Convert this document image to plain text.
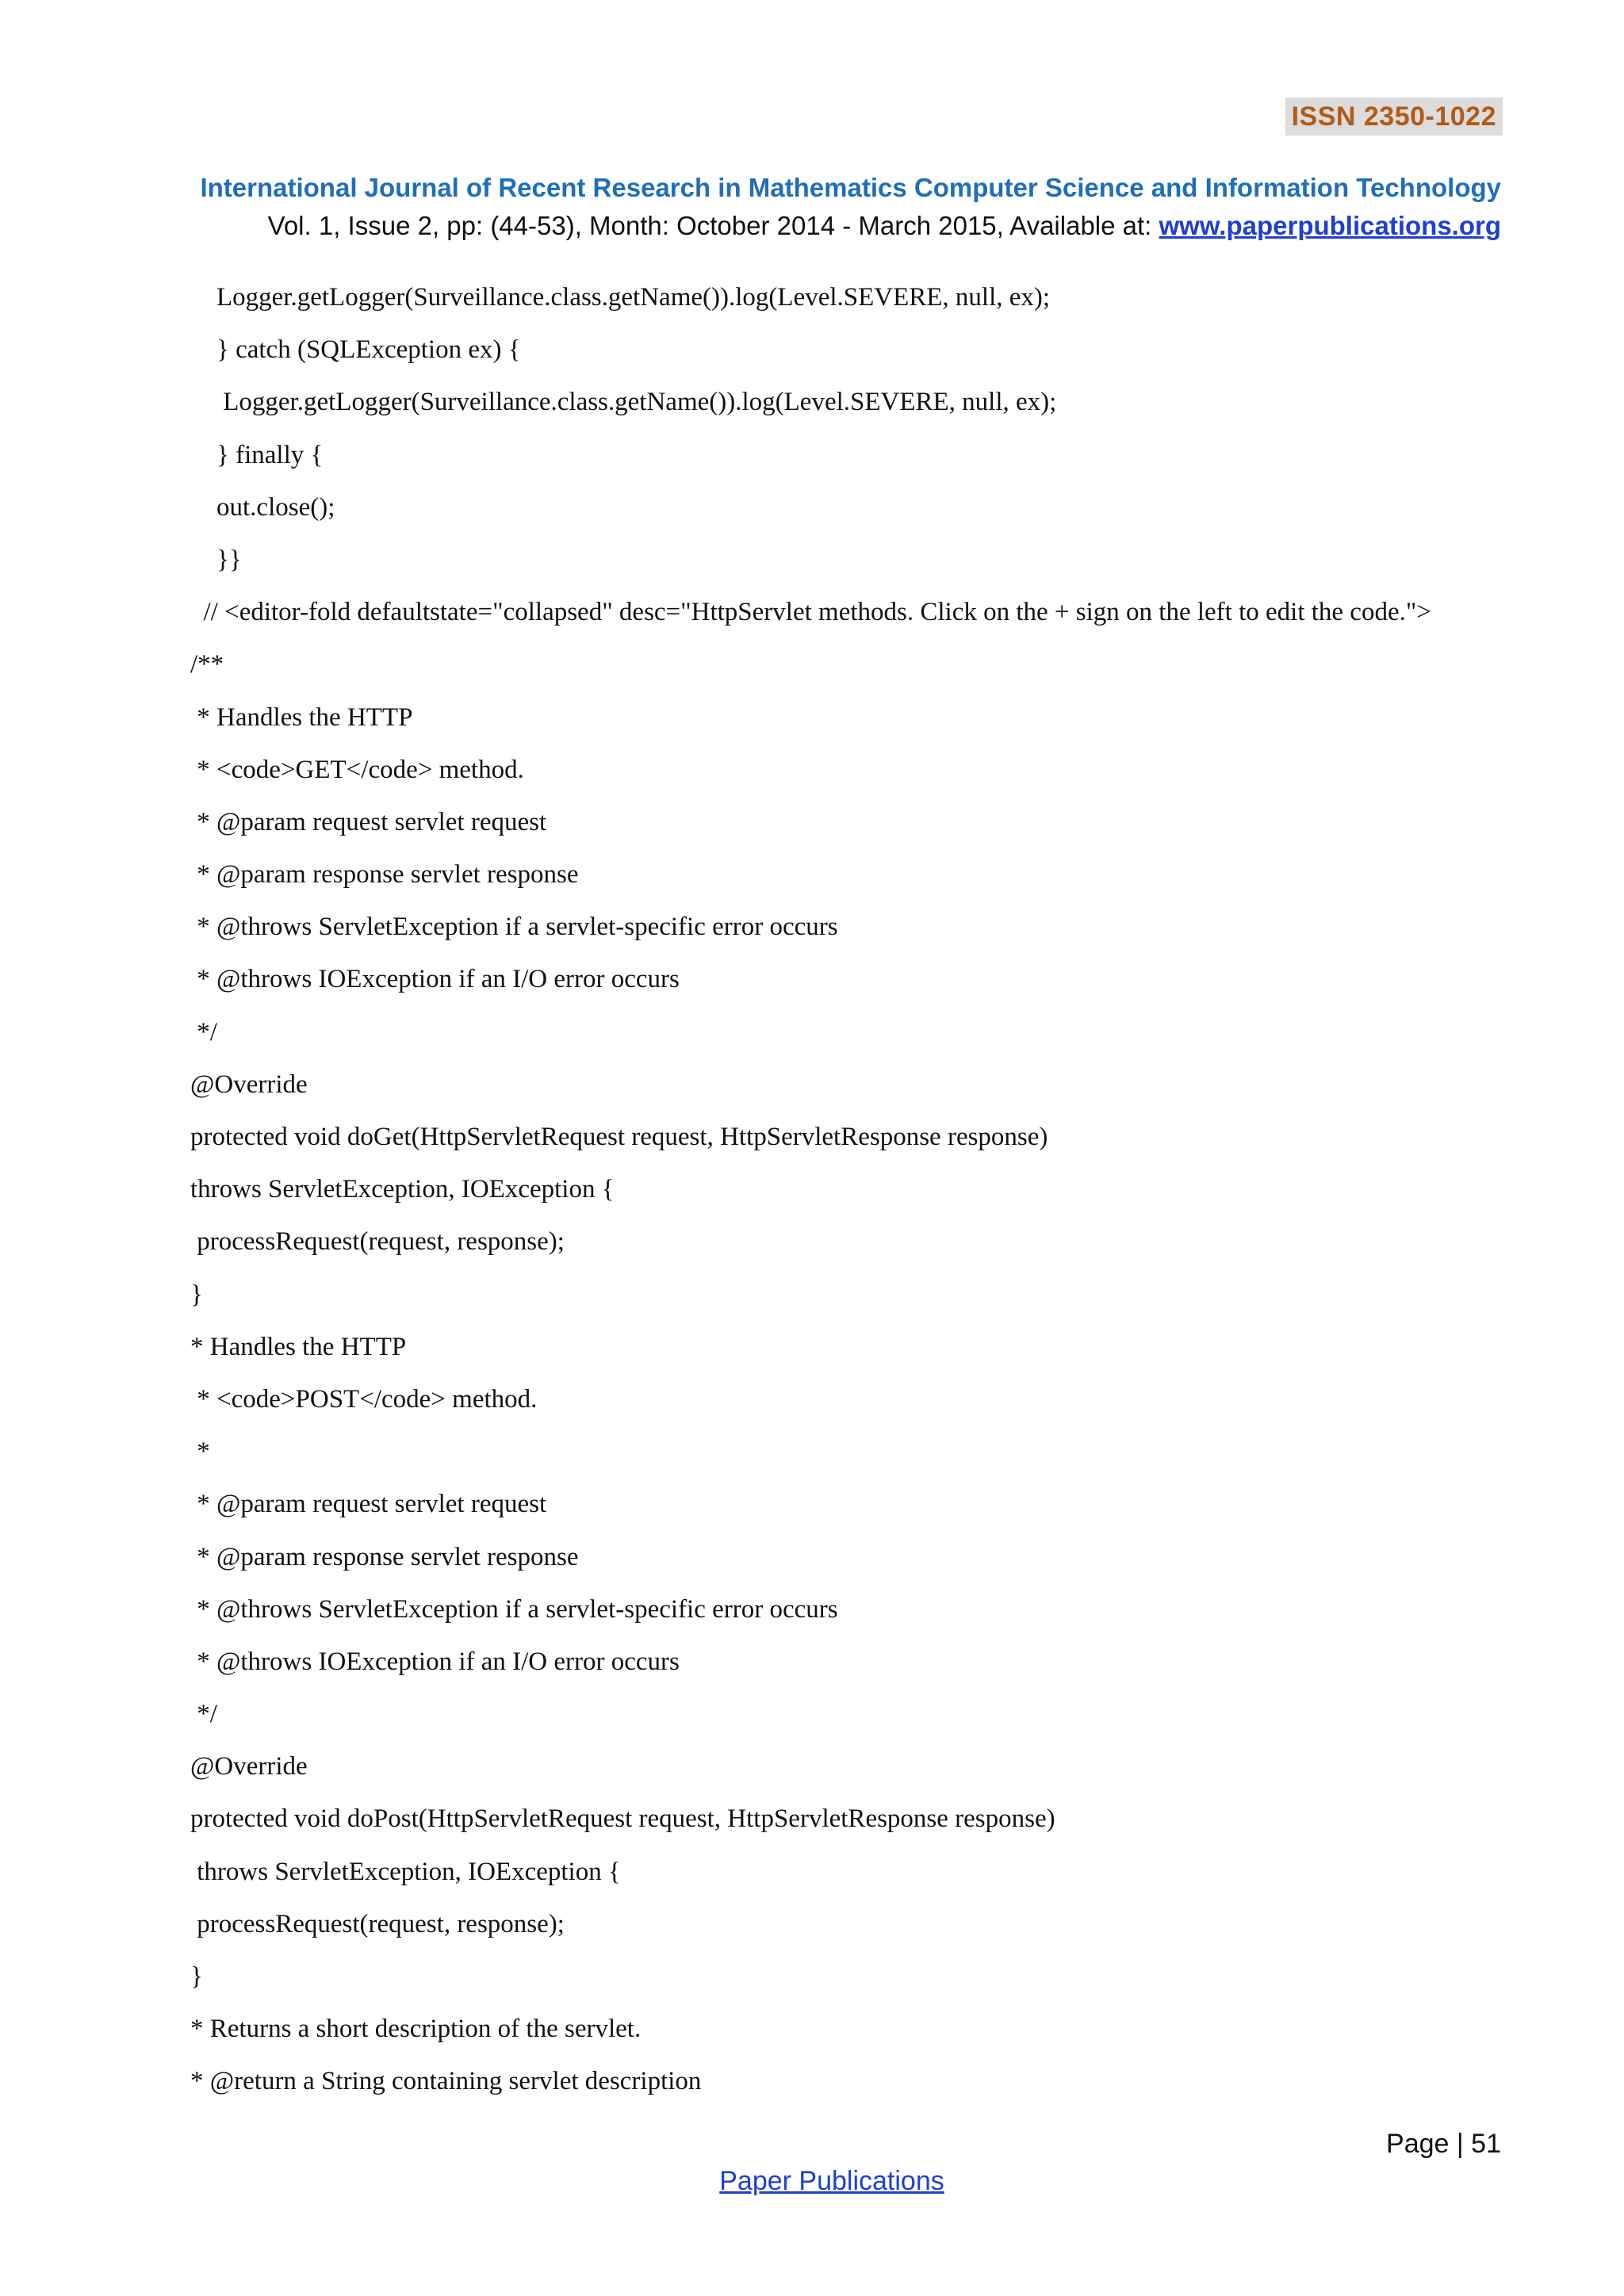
ISSN 2350-1022
International Journal of Recent Research in Mathematics Computer Science and Information Technology
Vol. 1, Issue 2, pp: (44-53), Month: October 2014 - March 2015, Available at: www.paperpublications.org
Logger.getLogger(Surveillance.class.getName()).log(Level.SEVERE, null, ex);
} catch (SQLException ex) {
Logger.getLogger(Surveillance.class.getName()).log(Level.SEVERE, null, ex);
} finally {
out.close();
}}
// <editor-fold defaultstate="collapsed" desc="HttpServlet methods. Click on the + sign on the left to edit the code.">
/**
* Handles the HTTP
* <code>GET</code> method.
* @param request servlet request
* @param response servlet response
* @throws ServletException if a servlet-specific error occurs
* @throws IOException if an I/O error occurs
*/
@Override
protected void doGet(HttpServletRequest request, HttpServletResponse response)
throws ServletException, IOException {
processRequest(request, response);
}
* Handles the HTTP
* <code>POST</code> method.
*
* @param request servlet request
* @param response servlet response
* @throws ServletException if a servlet-specific error occurs
* @throws IOException if an I/O error occurs
*/
@Override
protected void doPost(HttpServletRequest request, HttpServletResponse response)
throws ServletException, IOException {
processRequest(request, response);
}
* Returns a short description of the servlet.
* @return a String containing servlet description
Page | 51
Paper Publications
